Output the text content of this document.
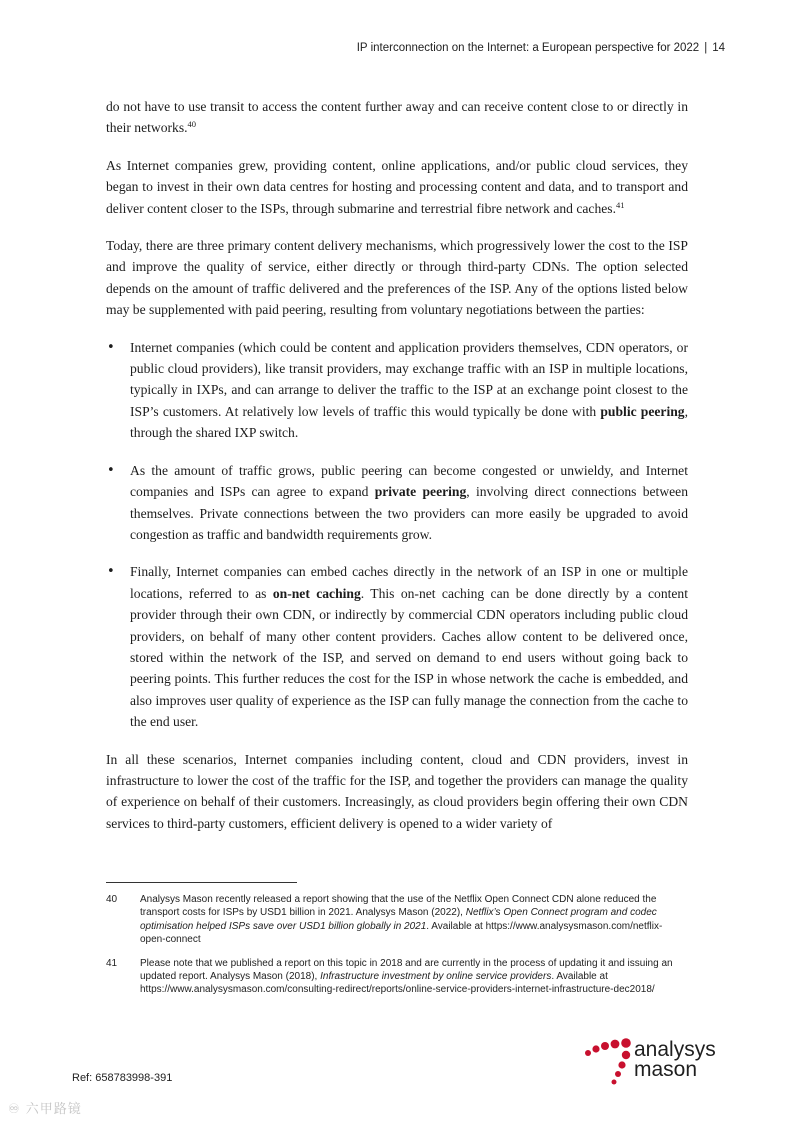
IP interconnection on the Internet: a European perspective for 2022 | 14

do not have to use transit to access the content further away and can receive content close to or directly in their networks.$^{40}$

As Internet companies grew, providing content, online applications, and/or public cloud services, they began to invest in their own data centres for hosting and processing content and data, and to transport and deliver content closer to the ISPs, through submarine and terrestrial fibre network and caches.$^{41}$

Today, there are three primary content delivery mechanisms, which progressively lower the cost to the ISP and improve the quality of service, either directly or through third-party CDNs. The option selected depends on the amount of traffic delivered and the preferences of the ISP. Any of the options listed below may be supplemented with paid peering, resulting from voluntary negotiations between the parties:

• Internet companies (which could be content and application providers themselves, CDN operators, or public cloud providers), like transit providers, may exchange traffic with an ISP in multiple locations, typically in IXPs, and can arrange to deliver the traffic to the ISP at an exchange point closest to the ISP’s customers. At relatively low levels of traffic this would typically be done with public peering, through the shared IXP switch.
• As the amount of traffic grows, public peering can become congested or unwieldy, and Internet companies and ISPs can agree to expand private peering, involving direct connections between themselves. Private connections between the two providers can more easily be upgraded to avoid congestion as traffic and bandwidth requirements grow.
• Finally, Internet companies can embed caches directly in the network of an ISP in one or multiple locations, referred to as on-net caching. This on-net caching can be done directly by a content provider through their own CDN, or indirectly by commercial CDN operators including public cloud providers, on behalf of many other content providers. Caches allow content to be delivered once, stored within the network of the ISP, and served on demand to end users without going back to peering points. This further reduces the cost for the ISP in whose network the cache is embedded, and also improves user quality of experience as the ISP can fully manage the connection from the cache to the end user.

In all these scenarios, Internet companies including content, cloud and CDN providers, invest in infrastructure to lower the cost of the traffic for the ISP, and together the providers can manage the quality of experience on behalf of their customers. Increasingly, as cloud providers begin offering their own CDN services to third-party customers, efficient delivery is opened to a wider variety of

40 Analysys Mason recently released a report showing that the use of the Netflix Open Connect CDN alone reduced the transport costs for ISPs by USD1 billion in 2021. Analysys Mason (2022), Netflix’s Open Connect program and codec optimisation helped ISPs save over USD1 billion globally in 2021. Available at https://www.analysysmason.com/netflix-open-connect
41 Please note that we published a report on this topic in 2018 and are currently in the process of updating it and issuing an updated report. Analysys Mason (2018), Infrastructure investment by online service providers. Available at https://www.analysysmason.com/consulting-redirect/reports/online-service-providers-internet-infrastructure-dec2018/
Ref: 658783998-391
analysys
mason
♾ 六甲路镜
